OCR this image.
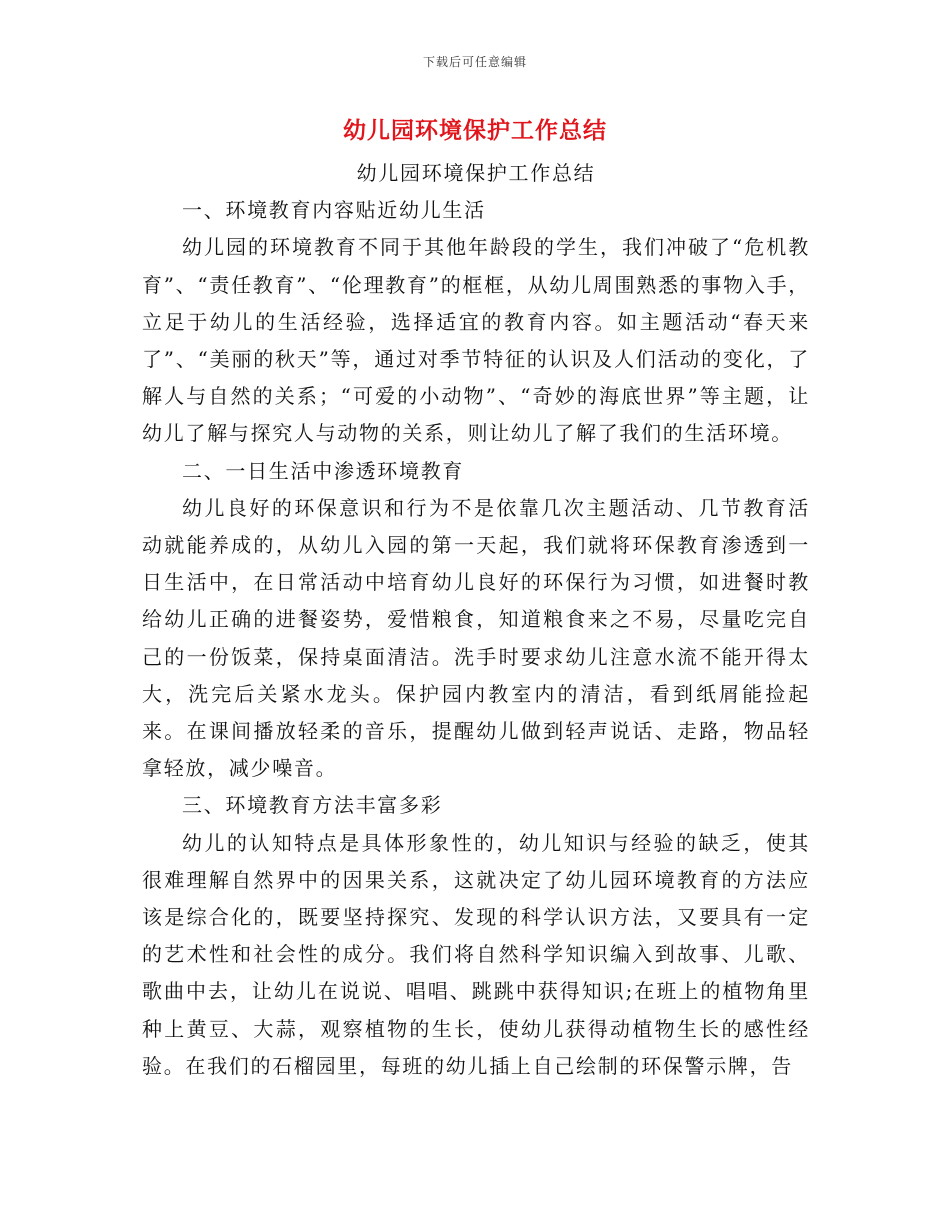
下载后可任意编辑
幼儿园环境保护工作总结

幼儿园环境保护工作总结

一、环境教育内容贴近幼儿生活

幼儿园的环境教育不同于其他年龄段的学生，我们冲破了“危机教育”、“责任教育”、“伦理教育”的框框，从幼儿周围熟悉的事物入手，立足于幼儿的生活经验，选择适宜的教育内容。如主题活动“春天来了”、“美丽的秋天”等，通过对季节特征的认识及人们活动的变化，了解人与自然的关系；“可爱的小动物”、“奇妙的海底世界”等主题，让幼儿了解与探究人与动物的关系，则让幼儿了解了我们的生活环境。

二、一日生活中渗透环境教育

幼儿良好的环保意识和行为不是依靠几次主题活动、几节教育活动就能养成的，从幼儿入园的第一天起，我们就将环保教育渗透到一日生活中，在日常活动中培育幼儿良好的环保行为习惯，如进餐时教给幼儿正确的进餐姿势，爱惜粮食，知道粮食来之不易，尽量吃完自己的一份饭菜，保持桌面清洁。洗手时要求幼儿注意水流不能开得太大，洗完后关紧水龙头。保护园内教室内的清洁，看到纸屑能捡起来。在课间播放轻柔的音乐，提醒幼儿做到轻声说话、走路，物品轻拿轻放，减少噪音。

三、环境教育方法丰富多彩

幼儿的认知特点是具体形象性的，幼儿知识与经验的缺乏，使其很难理解自然界中的因果关系，这就决定了幼儿园环境教育的方法应该是综合化的，既要坚持探究、发现的科学认识方法，又要具有一定的艺术性和社会性的成分。我们将自然科学知识编入到故事、儿歌、歌曲中去，让幼儿在说说、唱唱、跳跳中获得知识;在班上的植物角里种上黄豆、大蒜，观察植物的生长，使幼儿获得动植物生长的感性经验。在我们的石榴园里，每班的幼儿插上自己绘制的环保警示牌，告
